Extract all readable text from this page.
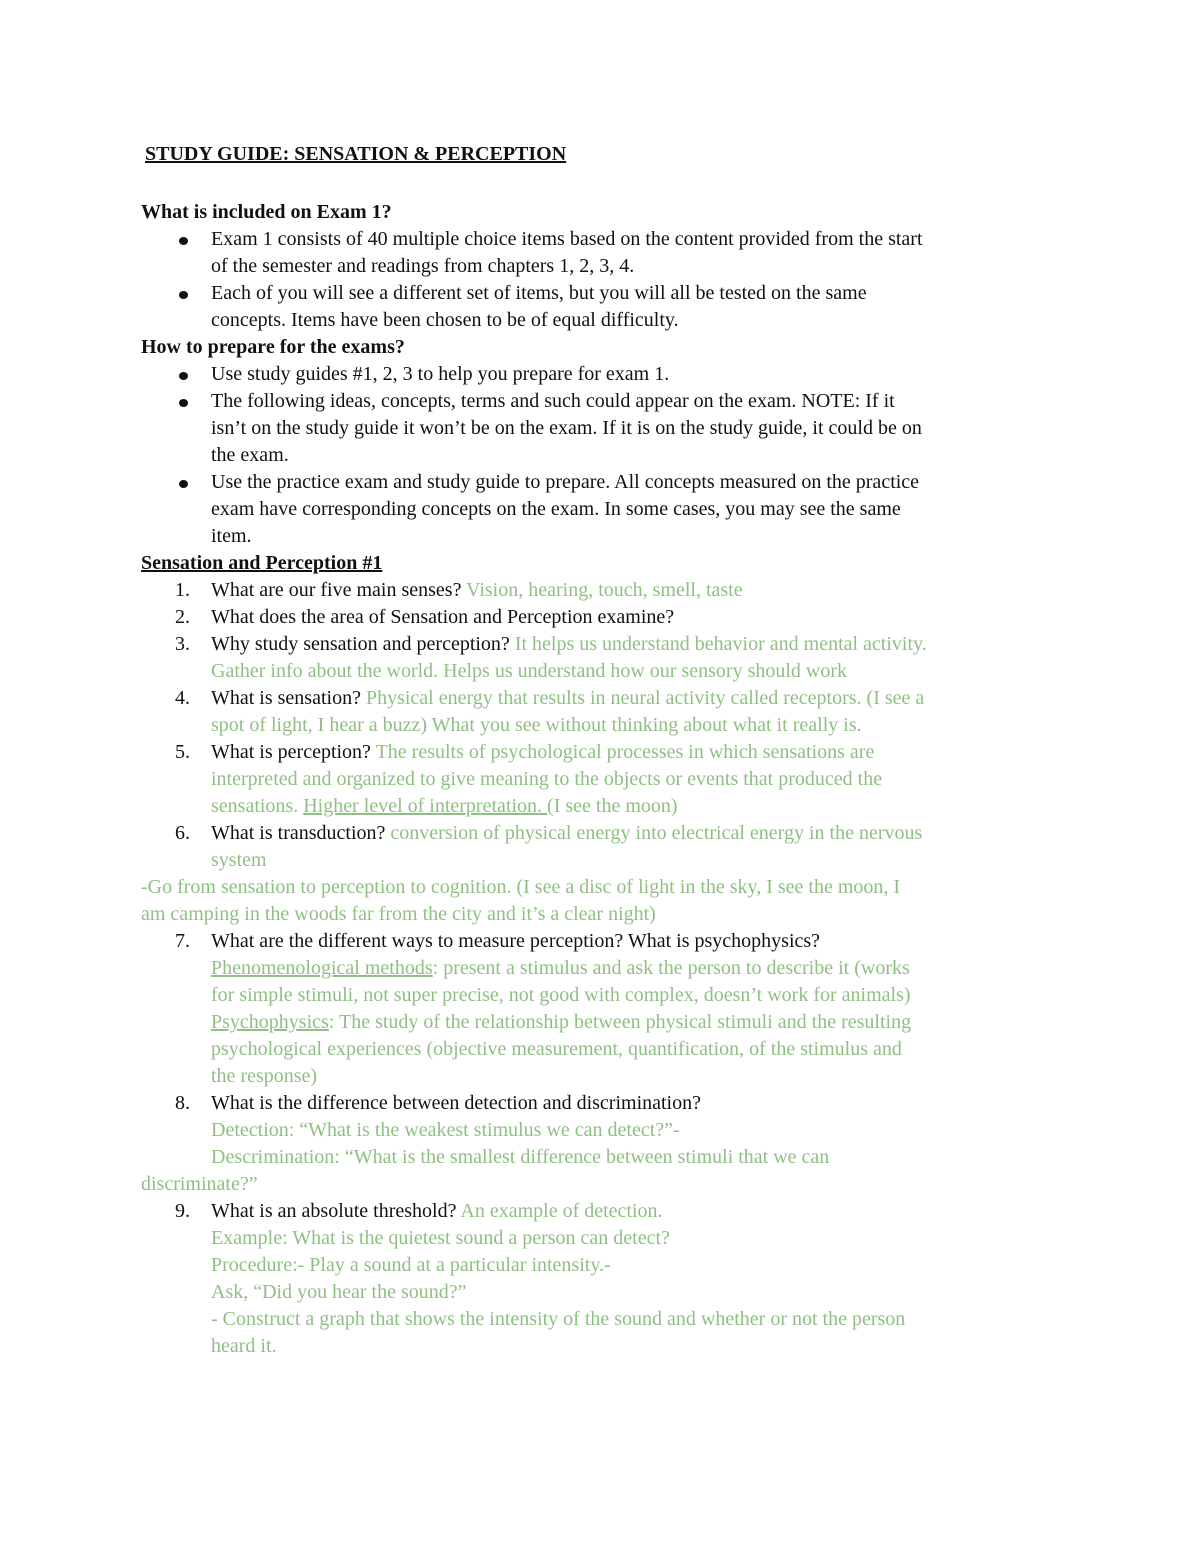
STUDY GUIDE: SENSATION & PERCEPTION
What is included on Exam 1?
Exam 1 consists of 40 multiple choice items based on the content provided from the start
of the semester and readings from chapters 1, 2, 3, 4.
Each of you will see a different set of items, but you will all be tested on the same
concepts. Items have been chosen to be of equal difficulty.
How to prepare for the exams?
Use study guides #1, 2, 3 to help you prepare for exam 1.
The following ideas, concepts, terms and such could appear on the exam. NOTE: If it
isn’t on the study guide it won’t be on the exam. If it is on the study guide, it could be on
the exam.
Use the practice exam and study guide to prepare. All concepts measured on the practice
exam have corresponding concepts on the exam. In some cases, you may see the same
item.
Sensation and Perception #1
1. What are our five main senses? Vision, hearing, touch, smell, taste
2. What does the area of Sensation and Perception examine?
3. Why study sensation and perception? It helps us understand behavior and mental activity.
Gather info about the world. Helps us understand how our sensory should work
4. What is sensation? Physical energy that results in neural activity called receptors. (I see a
spot of light, I hear a buzz) What you see without thinking about what it really is.
5. What is perception? The results of psychological processes in which sensations are
interpreted and organized to give meaning to the objects or events that produced the
sensations. Higher level of interpretation. (I see the moon)
6. What is transduction? conversion of physical energy into electrical energy in the nervous
system
-Go from sensation to perception to cognition. (I see a disc of light in the sky, I see the moon, I
am camping in the woods far from the city and it’s a clear night)
7. What are the different ways to measure perception? What is psychophysics?
Phenomenological methods: present a stimulus and ask the person to describe it (works
for simple stimuli, not super precise, not good with complex, doesn’t work for animals)
Psychophysics: The study of the relationship between physical stimuli and the resulting
psychological experiences (objective measurement, quantification, of the stimulus and
the response)
8. What is the difference between detection and discrimination?
Detection: “What is the weakest stimulus we can detect?”-
Descrimination: “What is the smallest difference between stimuli that we can
discriminate?”
9. What is an absolute threshold? An example of detection.
Example: What is the quietest sound a person can detect?
Procedure:- Play a sound at a particular intensity.-
Ask, “Did you hear the sound?”
- Construct a graph that shows the intensity of the sound and whether or not the person
heard it.
